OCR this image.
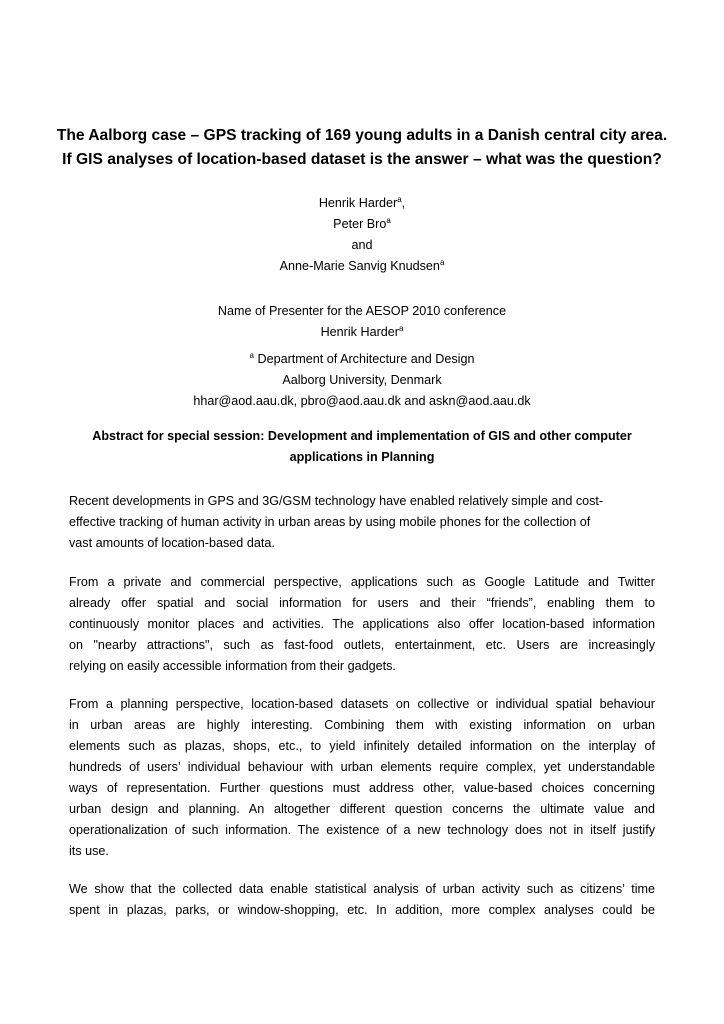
The Aalborg case – GPS tracking of 169 young adults in a Danish central city area.
If GIS analyses of location-based dataset is the answer – what was the question?
Henrik Harder$^a$,
Peter Bro$^a$
and
Anne-Marie Sanvig Knudsen$^a$
Name of Presenter for the AESOP 2010 conference
Henrik Harder$^a$
$^a$ Department of Architecture and Design
Aalborg University, Denmark
hhar@aod.aau.dk, pbro@aod.aau.dk and askn@aod.aau.dk
Abstract for special session: Development and implementation of GIS and other computer
applications in Planning
Recent developments in GPS and 3G/GSM technology have enabled relatively simple and cost-
effective tracking of human activity in urban areas by using mobile phones for the collection of
vast amounts of location-based data.
From a private and commercial perspective, applications such as Google Latitude and Twitter
already offer spatial and social information for users and their “friends”, enabling them to
continuously monitor places and activities. The applications also offer location-based information
on "nearby attractions", such as fast-food outlets, entertainment, etc. Users are increasingly
relying on easily accessible information from their gadgets.
From a planning perspective, location-based datasets on collective or individual spatial behaviour
in urban areas are highly interesting. Combining them with existing information on urban
elements such as plazas, shops, etc., to yield infinitely detailed information on the interplay of
hundreds of users’ individual behaviour with urban elements require complex, yet understandable
ways of representation. Further questions must address other, value-based choices concerning
urban design and planning. An altogether different question concerns the ultimate value and
operationalization of such information. The existence of a new technology does not in itself justify
its use.
We show that the collected data enable statistical analysis of urban activity such as citizens’ time
spent in plazas, parks, or window-shopping, etc. In addition, more complex analyses could be
